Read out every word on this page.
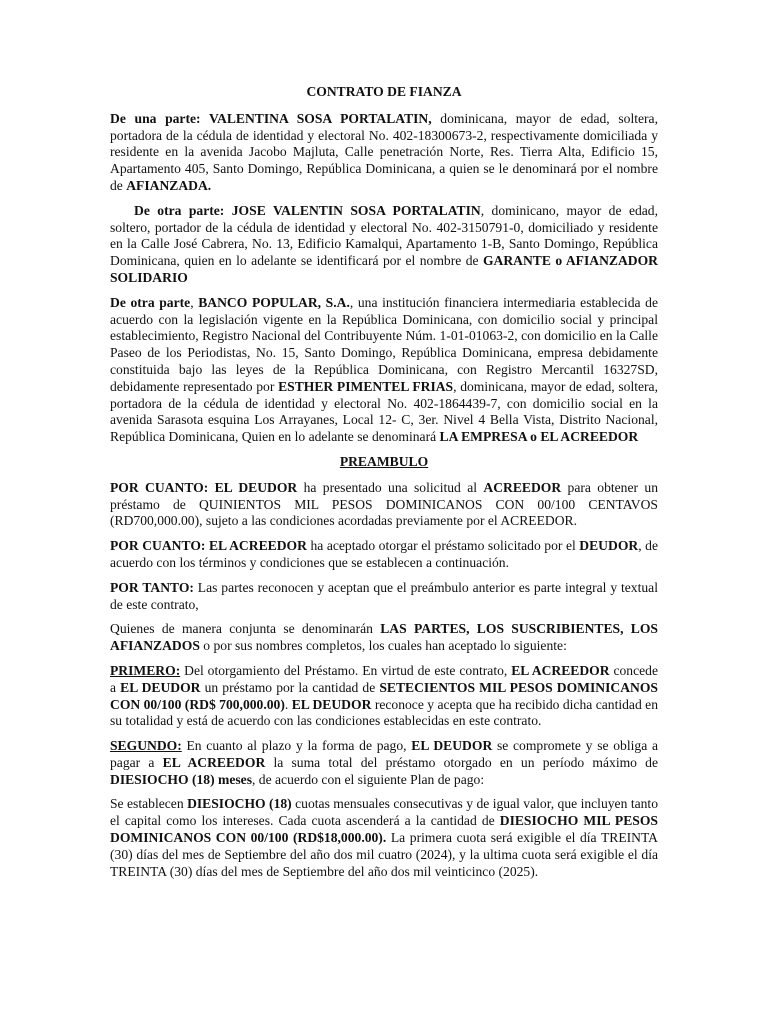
CONTRATO DE FIANZA

De una parte: VALENTINA SOSA PORTALATIN, dominicana, mayor de edad, soltera, portadora de la cédula de identidad y electoral No. 402-18300673-2, respectivamente domiciliada y residente en la avenida Jacobo Majluta, Calle penetración Norte, Res. Tierra Alta, Edificio 15, Apartamento 405, Santo Domingo, República Dominicana, a quien se le denominará por el nombre de AFIANZADA.

De otra parte: JOSE VALENTIN SOSA PORTALATIN, dominicano, mayor de edad, soltero, portador de la cédula de identidad y electoral No. 402-3150791-0, domiciliado y residente en la Calle José Cabrera, No. 13, Edificio Kamalqui, Apartamento 1-B, Santo Domingo, República Dominicana, quien en lo adelante se identificará por el nombre de GARANTE o AFIANZADOR SOLIDARIO

De otra parte, BANCO POPULAR, S.A., una institución financiera intermediaria establecida de acuerdo con la legislación vigente en la República Dominicana, con domicilio social y principal establecimiento, Registro Nacional del Contribuyente Núm. 1-01-01063-2, con domicilio en la Calle Paseo de los Periodistas, No. 15, Santo Domingo, República Dominicana, empresa debidamente constituida bajo las leyes de la República Dominicana, con Registro Mercantil 16327SD, debidamente representado por ESTHER PIMENTEL FRIAS, dominicana, mayor de edad, soltera, portadora de la cédula de identidad y electoral No. 402-1864439-7, con domicilio social en la avenida Sarasota esquina Los Arrayanes, Local 12- C, 3er. Nivel 4 Bella Vista, Distrito Nacional, República Dominicana, Quien en lo adelante se denominará LA EMPRESA o EL ACREEDOR

PREAMBULO

POR CUANTO: EL DEUDOR ha presentado una solicitud al ACREEDOR para obtener un préstamo de QUINIENTOS MIL PESOS DOMINICANOS CON 00/100 CENTAVOS (RD700,000.00), sujeto a las condiciones acordadas previamente por el ACREEDOR.

POR CUANTO: EL ACREEDOR ha aceptado otorgar el préstamo solicitado por el DEUDOR, de acuerdo con los términos y condiciones que se establecen a continuación.

POR TANTO: Las partes reconocen y aceptan que el preámbulo anterior es parte integral y textual de este contrato,

Quienes de manera conjunta se denominarán LAS PARTES, LOS SUSCRIBIENTES, LOS AFIANZADOS o por sus nombres completos, los cuales han aceptado lo siguiente:

PRIMERO: Del otorgamiento del Préstamo. En virtud de este contrato, EL ACREEDOR concede a EL DEUDOR un préstamo por la cantidad de SETECIENTOS MIL PESOS DOMINICANOS CON 00/100 (RD$ 700,000.00). EL DEUDOR reconoce y acepta que ha recibido dicha cantidad en su totalidad y está de acuerdo con las condiciones establecidas en este contrato.

SEGUNDO: En cuanto al plazo y la forma de pago, EL DEUDOR se compromete y se obliga a pagar a EL ACREEDOR la suma total del préstamo otorgado en un período máximo de DIESIOCHO (18) meses, de acuerdo con el siguiente Plan de pago:

Se establecen DIESIOCHO (18) cuotas mensuales consecutivas y de igual valor, que incluyen tanto el capital como los intereses. Cada cuota ascenderá a la cantidad de DIESIOCHO MIL PESOS DOMINICANOS CON 00/100 (RD$18,000.00). La primera cuota será exigible el día TREINTA (30) días del mes de Septiembre del año dos mil cuatro (2024), y la ultima cuota será exigible el día TREINTA (30) días del mes de Septiembre del año dos mil veinticinco (2025).
